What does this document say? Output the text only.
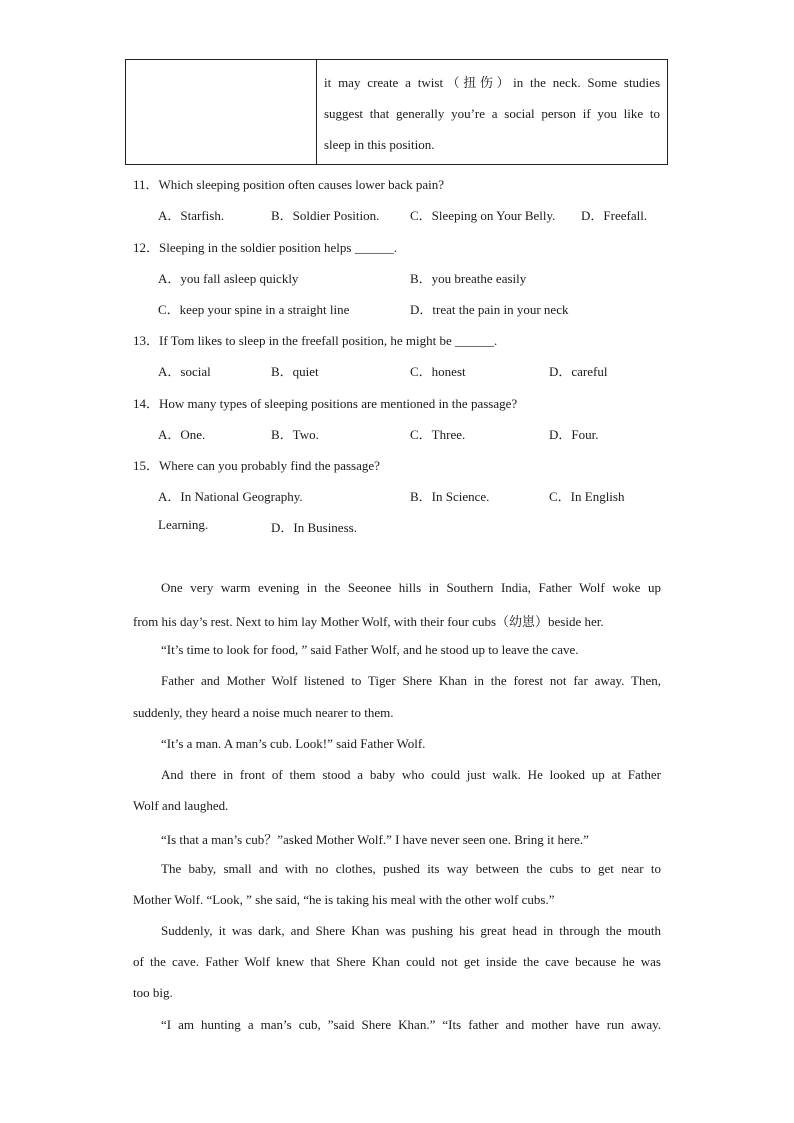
it may create a twist（扭伤）in the neck. Some studies
suggest that generally you’re a social person if you like to
sleep in this position.
11．Which sleeping position often causes lower back pain?
A．Starfish.	B．Soldier Position. C．Sleeping on Your Belly. D．Freefall.
12．Sleeping in the soldier position helps ______.
A．you fall asleep quickly	B．you breathe easily
C．keep your spine in a straight line	D．treat the pain in your neck
13．If Tom likes to sleep in the freefall position, he might be ______.
A．social	B．quiet	C．honest	D．careful
14．How many types of sleeping positions are mentioned in the passage?
A．One.	B．Two.	C．Three.	D．Four.
15．Where can you probably find the passage?
A．In National Geography.	B．In Science.	C．In English
Learning.	D．In Business.
One very warm evening in the Seeonee hills in Southern India, Father Wolf woke up
from his day’s rest. Next to him lay Mother Wolf, with their four cubs（幼崽）beside her.
“It’s time to look for food, ” said Father Wolf, and he stood up to leave the cave.
Father and Mother Wolf listened to Tiger Shere Khan in the forest not far away. Then,
suddenly, they heard a noise much nearer to them.
“It’s a man. A man’s cub. Look!” said Father Wolf.
And there in front of them stood a baby who could just walk. He looked up at Father
Wolf and laughed.
“Is that a man’s cub？”asked Mother Wolf.” I have never seen one. Bring it here.”
The baby, small and with no clothes, pushed its way between the cubs to get near to
Mother Wolf. “Look, ” she said, “he is taking his meal with the other wolf cubs.”
Suddenly, it was dark, and Shere Khan was pushing his great head in through the mouth
of the cave. Father Wolf knew that Shere Khan could not get inside the cave because he was
too big.
“I am hunting a man’s cub, ”said Shere Khan.” “Its father and mother have run away.
